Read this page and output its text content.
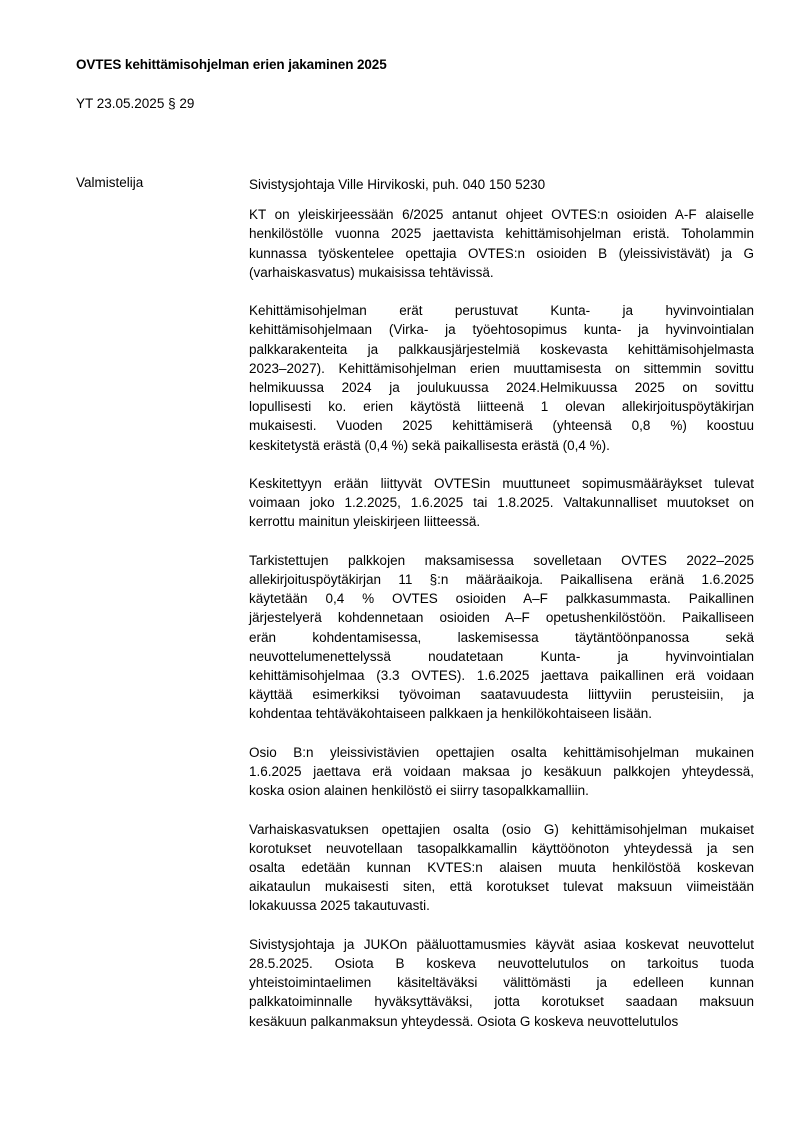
OVTES kehittämisohjelman erien jakaminen 2025
YT 23.05.2025 § 29
Valmistelija	Sivistysjohtaja Ville Hirvikoski, puh. 040 150 5230
KT on yleiskirjeessään 6/2025 antanut ohjeet OVTES:n osioiden A-F alaiselle
henkilöstölle vuonna 2025 jaettavista kehittämisohjelman eristä. Toholammin
kunnassa työskentelee opettajia OVTES:n osioiden B (yleissivistävät) ja G
(varhaiskasvatus) mukaisissa tehtävissä.
Kehittämisohjelman erät perustuvat Kunta- ja hyvinvointialan
kehittämisohjelmaan (Virka- ja työehtosopimus kunta- ja hyvinvointialan
palkkarakenteita ja palkkausjärjestelmiä koskevasta kehittämisohjelmasta
2023–2027). Kehittämisohjelman erien muuttamisesta on sittemmin sovittu
helmikuussa 2024 ja joulukuussa 2024.Helmikuussa 2025 on sovittu
lopullisesti ko. erien käytöstä liitteenä 1 olevan allekirjoituspöytäkirjan
mukaisesti. Vuoden 2025 kehittämiserä (yhteensä 0,8 %) koostuu
keskitetystä erästä (0,4 %) sekä paikallisesta erästä (0,4 %).
Keskitettyyn erään liittyvät OVTESin muuttuneet sopimusmääräykset tulevat
voimaan joko 1.2.2025, 1.6.2025 tai 1.8.2025. Valtakunnalliset muutokset on
kerrottu mainitun yleiskirjeen liitteessä.
Tarkistettujen palkkojen maksamisessa sovelletaan OVTES 2022–2025
allekirjoituspöytäkirjan 11 §:n määräaikoja. Paikallisena eränä 1.6.2025
käytetään 0,4 % OVTES osioiden A–F palkkasummasta. Paikallinen
järjestelyerä kohdennetaan osioiden A–F opetushenkilöstöön. Paikalliseen
erän kohdentamisessa, laskemisessa täytäntöönpanossa sekä
neuvottelumenettelyssä noudatetaan Kunta- ja hyvinvointialan
kehittämisohjelmaa (3.3 OVTES). 1.6.2025 jaettava paikallinen erä voidaan
käyttää esimerkiksi työvoiman saatavuudesta liittyviin perusteisiin, ja
kohdentaa tehtäväkohtaiseen palkkaen ja henkilökohtaiseen lisään.
Osio B:n yleissivistävien opettajien osalta kehittämisohjelman mukainen
1.6.2025 jaettava erä voidaan maksaa jo kesäkuun palkkojen yhteydessä,
koska osion alainen henkilöstö ei siirry tasopalkkamalliin.
Varhaiskasvatuksen opettajien osalta (osio G) kehittämisohjelman mukaiset
korotukset neuvotellaan tasopalkkamallin käyttöönoton yhteydessä ja sen
osalta edetään kunnan KVTES:n alaisen muuta henkilöstöä koskevan
aikataulun mukaisesti siten, että korotukset tulevat maksuun viimeistään
lokakuussa 2025 takautuvasti.
Sivistysjohtaja ja JUKOn pääluottamusmies käyvät asiaa koskevat neuvottelut
28.5.2025. Osiota B koskeva neuvottelutulos on tarkoitus tuoda
yhteistoimintaelimen käsiteltäväksi välittömästi ja edelleen kunnan
palkkatoiminnalle hyväksyttäväksi, jotta korotukset saadaan maksuun
kesäkuun palkanmaksun yhteydessä. Osiota G koskeva neuvottelutulos
